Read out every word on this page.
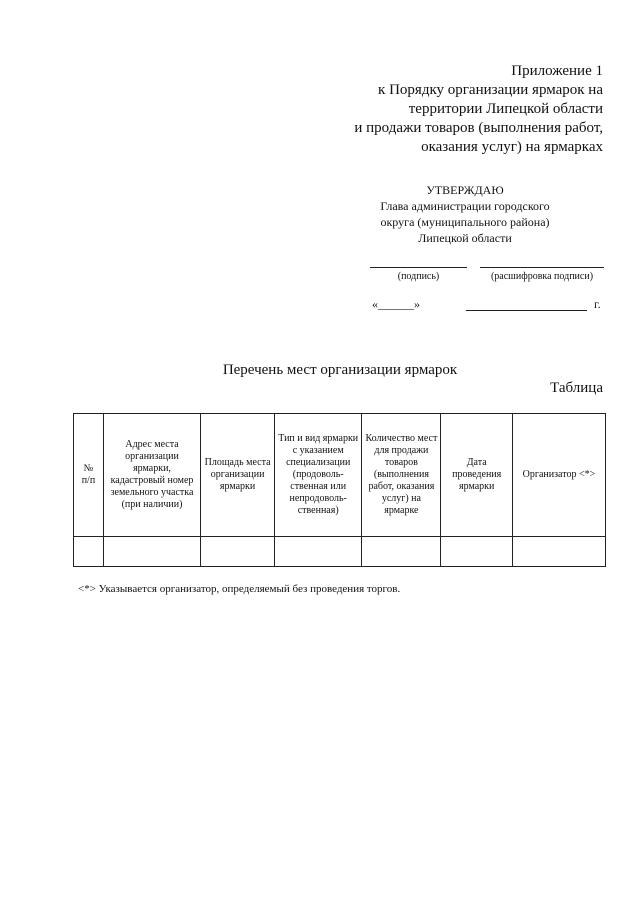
Приложение 1
к Порядку организации ярмарок на
территории Липецкой области
и продажи товаров (выполнения работ,
оказания услуг) на ярмарках
УТВЕРЖДАЮ
Глава администрации городского
округа (муниципального района)
Липецкой области
(подпись)	(расшифровка подписи)
«______»	г.
Перечень мест организации ярмарок
Таблица
№
п/п	Адрес места организации ярмарки, кадастровый номер земельного участка (при наличии)	Площадь места организации ярмарки	Тип и вид ярмарки с указанием специализации (продоволь-ственная или непродоволь-ственная)	Количество мест для продажи товаров (выполнения работ, оказания услуг) на ярмарке	Дата проведения ярмарки	Организатор <*>

<*> Указывается организатор, определяемый без проведения торгов.
